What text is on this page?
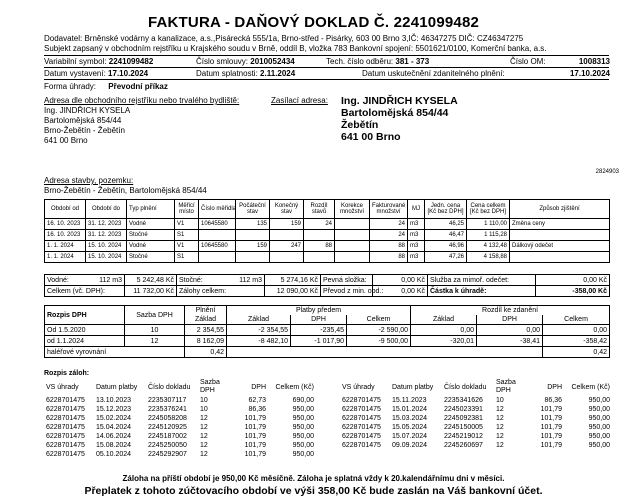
FAKTURA - DAŇOVÝ DOKLAD Č. 2241099482
Dodavatel: Brněnské vodárny a kanalizace, a.s.,Pisárecká 555/1a, Brno-střed - Pisárky, 603 00 Brno 3,IČ: 46347275 DIČ: CZ46347275
Subjekt zapsaný v obchodním rejstříku u Krajského soudu v Brně, oddíl B, vložka 783 Bankovní spojení: 5501621/0100, Komerční banka, a.s.
Variabilní symbol: 2241099482	Číslo smlouvy: 2010052434	Tech. číslo odběru: 381 - 373	Číslo OM:	1008313
Datum vystavení: 17.10.2024	Datum splatnosti: 2.11.2024	Datum uskutečnění zdanitelného plnění:	17.10.2024
Forma úhrady: Převodní příkaz
Adresa dle obchodního rejstříku nebo trvalého bydliště:
Ing. JINDŘICH KYSELA
Bartolomějská 854/44
Brno-Žebětín - Žebětín
641 00 Brno
Zasílací adresa: Ing. JINDŘICH KYSELA
Bartolomějská 854/44
Žebětín
641 00 Brno
2824903
Adresa stavby, pozemku:
Brno-Žebětín - Žebětín, Bartolomějská 854/44
Období od	Období do	Typ plnění	Měřicí místo	Číslo měřidla	Počáteční stav	Konečný stav	Rozdíl stavů	Korekce množství	Fakturované množství	MJ	Jedn. cena [Kč bez DPH]	Cena celkem [Kč bez DPH]	Způsob zjištění
16. 10. 2023	31. 12. 2023	Vodné	V1	10645580	135	159	24		24	m3	46,25	1 110,00	Změna ceny
16. 10. 2023	31. 12. 2023	Stočné	S1						24	m3	46,47	1 115,28	
1. 1. 2024	15. 10. 2024	Vodné	V1	10645580	159	247	88		88	m3	46,96	4 132,48	Dálkový odečet
1. 1. 2024	15. 10. 2024	Stočné	S1						88	m3	47,26	4 158,88	
Vodné:	112 m3	5 242,48 Kč	Stočné:	112 m3	5 274,16 Kč	Pevná složka:	0,00 Kč	Služba za mimoř. odečet:	0,00 Kč
Celkem (vč. DPH):		11 732,00 Kč	Zálohy celkem:		12 090,00 Kč	Převod z min. obd.:	0,00 Kč	Částka k úhradě:	-358,00 Kč
Rozpis DPH	Sazba DPH	Plnění	Platby předem			Rozdíl ke zdanění		
		Základ	Základ	DPH	Celkem	Základ	DPH	Celkem
Od 1.5.2020	10	2 354,55	-2 354,55	-235,45	-2 590,00	0,00	0,00	0,00
od 1.1.2024	12	8 162,09	-8 482,10	-1 017,90	-9 500,00	-320,01	-38,41	-358,42
haléřové vyrovnání		0,42						0,42
Rozpis záloh:
VS úhrady	Datum platby	Číslo dokladu	Sazba DPH	DPH	Celkem (Kč)
6228701475	13.10.2023	2235307117	10	62,73	690,00
6228701475	15.12.2023	2235376241	10	86,36	950,00
6228701475	15.02.2024	2245058208	12	101,79	950,00
6228701475	15.04.2024	2245120925	12	101,79	950,00
6228701475	14.06.2024	2245187002	12	101,79	950,00
6228701475	15.08.2024	2245250050	12	101,79	950,00
6228701475	05.10.2024	2245292907	12	101,79	950,00
VS úhrady	Datum platby	Číslo dokladu	Sazba DPH	DPH	Celkem (Kč)
6228701475	15.11.2023	2235341626	10	86,36	950,00
6228701475	15.01.2024	2245023391	12	101,79	950,00
6228701475	15.03.2024	2245092381	12	101,79	950,00
6228701475	15.05.2024	2245150005	12	101,79	950,00
6228701475	15.07.2024	2245219012	12	101,79	950,00
6228701475	09.09.2024	2245260697	12	101,79	950,00
Záloha na příští období je 950,00 Kč měsíčně. Záloha je splatná vždy k 20.kalendářnímu dni v měsíci.
Přeplatek z tohoto zúčtovacího období ve výši 358,00 Kč bude zaslán na Váš bankovní účet.
